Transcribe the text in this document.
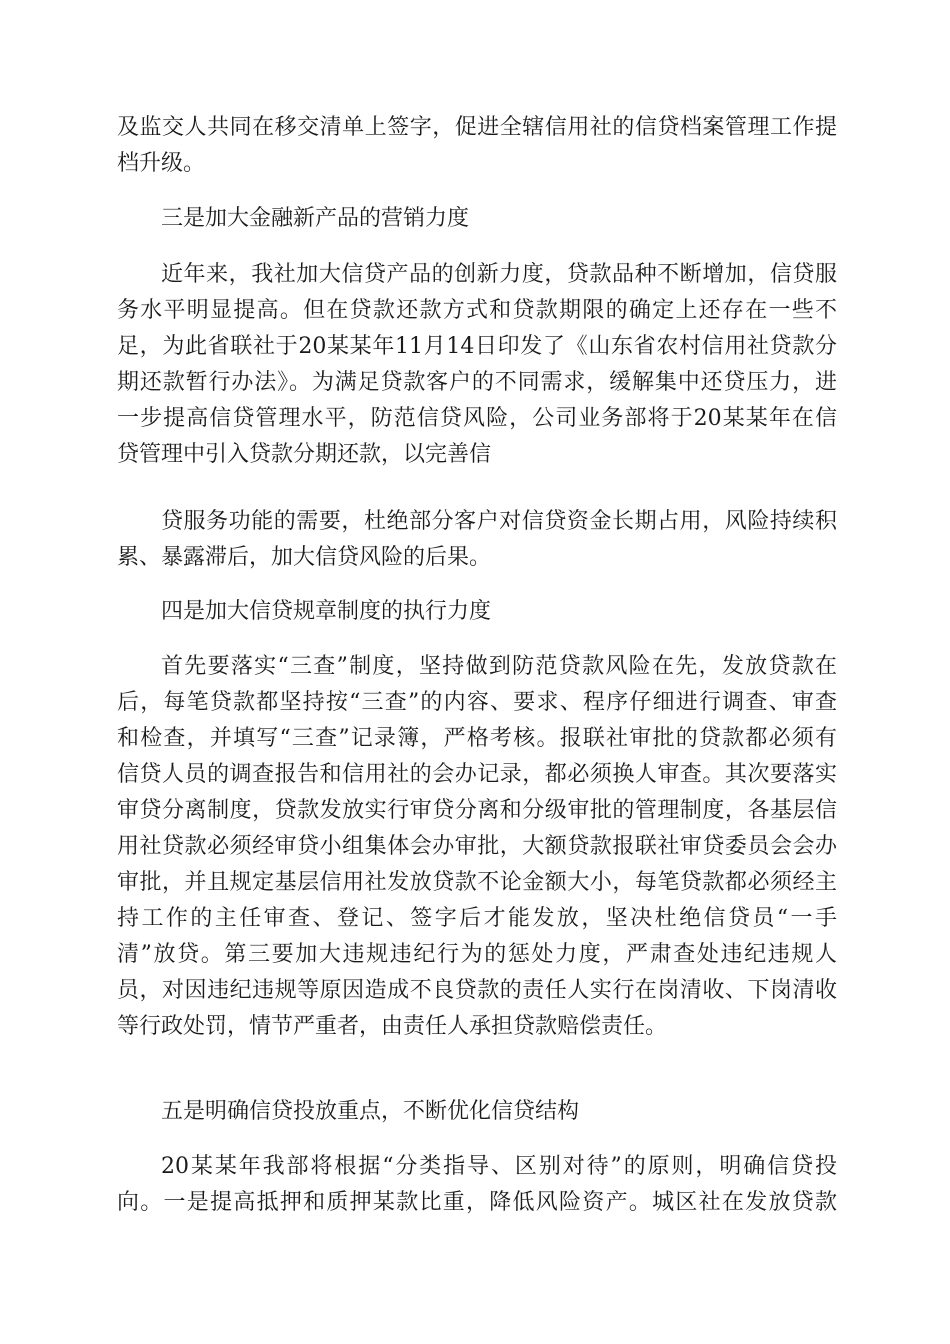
及监交人共同在移交清单上签字，促进全辖信用社的信贷档案管理工作提
档升级。
三是加大金融新产品的营销力度
近年来，我社加大信贷产品的创新力度，贷款品种不断增加，信贷服
务水平明显提高。但在贷款还款方式和贷款期限的确定上还存在一些不
足，为此省联社于20某某年11月14日印发了《山东省农村信用社贷款分
期还款暂行办法》。为满足贷款客户的不同需求，缓解集中还贷压力，进
一步提高信贷管理水平，防范信贷风险，公司业务部将于20某某年在信
贷管理中引入贷款分期还款，以完善信
贷服务功能的需要，杜绝部分客户对信贷资金长期占用，风险持续积
累、暴露滞后，加大信贷风险的后果。
四是加大信贷规章制度的执行力度
首先要落实“三查”制度，坚持做到防范贷款风险在先，发放贷款在
后，每笔贷款都坚持按“三查”的内容、要求、程序仔细进行调查、审查
和检查，并填写“三查”记录簿，严格考核。报联社审批的贷款都必须有
信贷人员的调查报告和信用社的会办记录，都必须换人审查。其次要落实
审贷分离制度，贷款发放实行审贷分离和分级审批的管理制度，各基层信
用社贷款必须经审贷小组集体会办审批，大额贷款报联社审贷委员会会办
审批，并且规定基层信用社发放贷款不论金额大小，每笔贷款都必须经主
持工作的主任审查、登记、签字后才能发放，坚决杜绝信贷员“一手
清”放贷。第三要加大违规违纪行为的惩处力度，严肃查处违纪违规人
员，对因违纪违规等原因造成不良贷款的责任人实行在岗清收、下岗清收
等行政处罚，情节严重者，由责任人承担贷款赔偿责任。
五是明确信贷投放重点，不断优化信贷结构
20某某年我部将根据“分类指导、区别对待”的原则，明确信贷投
向。一是提高抵押和质押某款比重，降低风险资产。城区社在发放贷款
